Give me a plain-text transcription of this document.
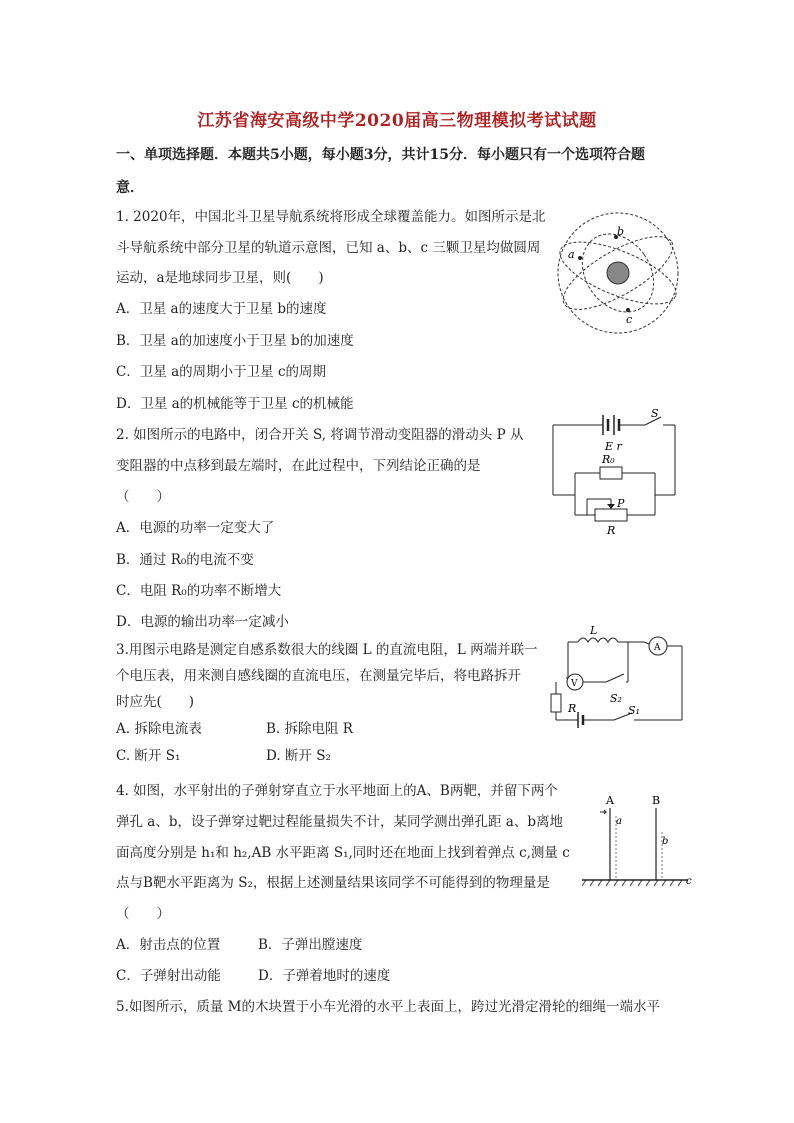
江苏省海安高级中学2020届高三物理模拟考试试题
一、单项选择题．本题共5小题，每小题3分，共计15分．每小题只有一个选项符合题
意．
1. 2020年，中国北斗卫星导航系统将形成全球覆盖能力。如图所示是北
斗导航系统中部分卫星的轨道示意图，已知 a、b、c 三颗卫星均做圆周
运动，a是地球同步卫星，则(　　)
A．卫星 a的速度大于卫星 b的速度
B．卫星 a的加速度小于卫星 b的加速度
C．卫星 a的周期小于卫星 c的周期
D．卫星 a的机械能等于卫星 c的机械能
a
b
c
2. 如图所示的电路中，闭合开关 S, 将调节滑动变阻器的滑动头 P 从
变阻器的中点移到最左端时，在此过程中，下列结论正确的是
（　　）
A．电源的功率一定变大了
B．通过 R₀的电流不变
C．电阻 R₀的功率不断增大
D．电源的输出功率一定减小
S
E r
R₀
P
R
3.用图示电路是测定自感系数很大的线圈 L 的直流电阻，L 两端并联一
个电压表，用来测自感线圈的直流电压，在测量完毕后，将电路拆开
时应先(　　)
A. 拆除电流表	B. 拆除电阻 R
C. 断开 S₁	D. 断开 S₂
L
A
V
S₂
R	S₁
4. 如图，水平射出的子弹射穿直立于水平地面上的A、B两靶，并留下两个
弹孔 a、b，设子弹穿过靶过程能量损失不计，某同学测出弹孔距 a、b离地
面高度分别是 h₁和 h₂,AB 水平距离 S₁,同时还在地面上找到着弹点 c,测量 c
点与B靶水平距离为 S₂，根据上述测量结果该同学不可能得到的物理量是
（　　）
A．射击点的位置	B．子弹出膛速度
C．子弹射出动能	D．子弹着地时的速度
A	B
a
b
c
5.如图所示，质量 M的木块置于小车光滑的水平上表面上，跨过光滑定滑轮的细绳一端水平
